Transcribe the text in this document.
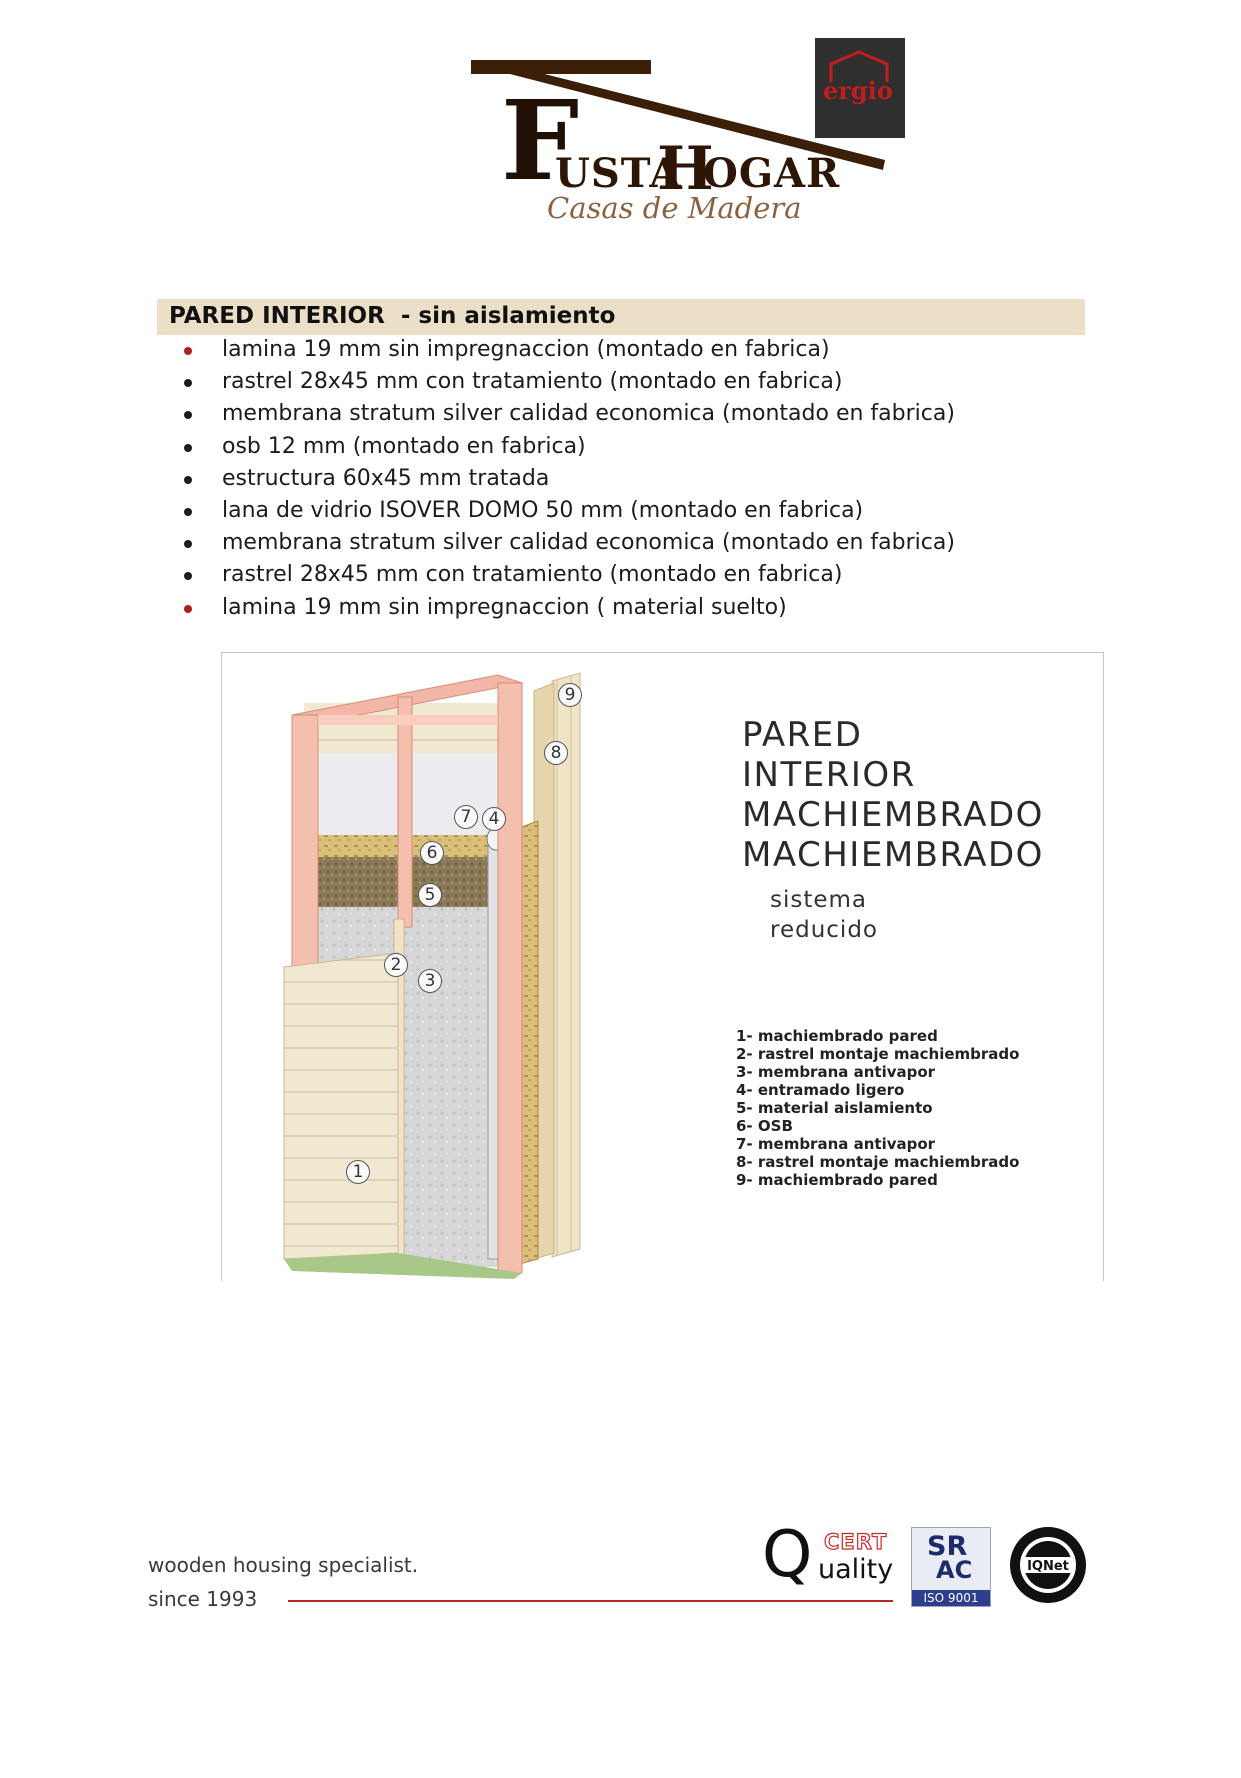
F
USTA
H
OGAR
Casas de Madera
ergio
PARED INTERIOR  - sin aislamiento
lamina 19 mm sin impregnaccion (montado en fabrica)
rastrel 28x45 mm con tratamiento (montado en fabrica)
membrana stratum silver calidad economica (montado en fabrica)
osb 12 mm (montado en fabrica)
estructura 60x45 mm tratada
lana de vidrio ISOVER DOMO 50 mm (montado en fabrica)
membrana stratum silver calidad economica (montado en fabrica)
rastrel 28x45 mm con tratamiento (montado en fabrica)
lamina 19 mm sin impregnaccion ( material suelto)
1
2
3
4
5
6
7
8
9
PARED
INTERIOR
MACHIEMBRADO
MACHIEMBRADO
sistema
reducido
1- machiembrado pared
2- rastrel montaje machiembrado
3- membrana antivapor
4- entramado ligero
5- material aislamiento
6- OSB
7- membrana antivapor
8- rastrel montaje machiembrado
9- machiembrado pared
wooden housing specialist.
since 1993
Q CERT
uality
SR
AC
ISO 9001
IQNet
